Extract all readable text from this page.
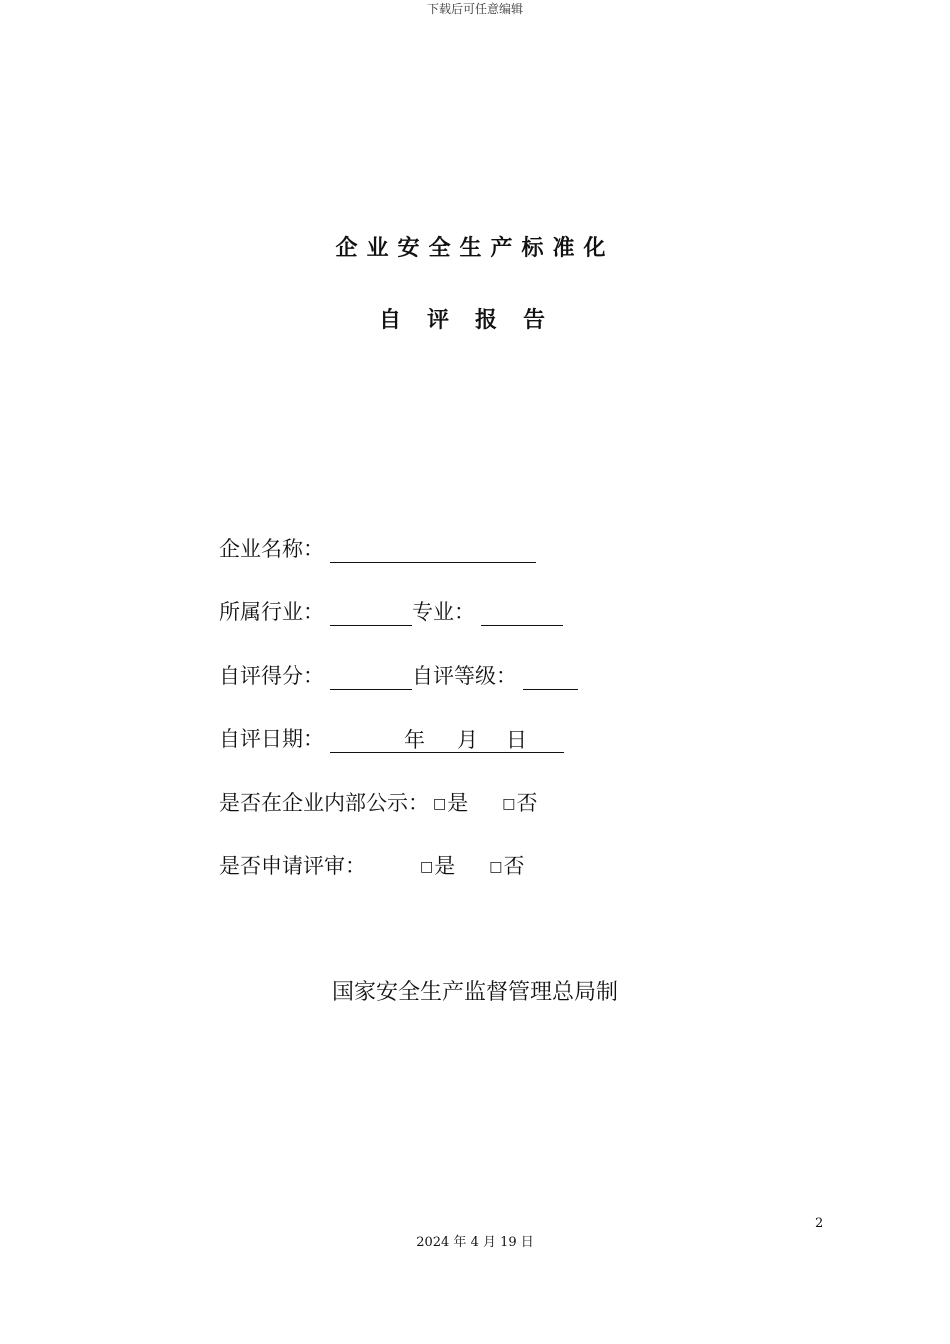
下载后可任意编辑
企业安全生产标准化
自评报告
企业名称：
所属行业：	专业：
自评得分：	自评等级：
自评日期：	年 月 日
是否在企业内部公示： □是 □否
是否申请评审：	□是 □否
国家安全生产监督管理总局制
2
2024 年 4 月 19 日
